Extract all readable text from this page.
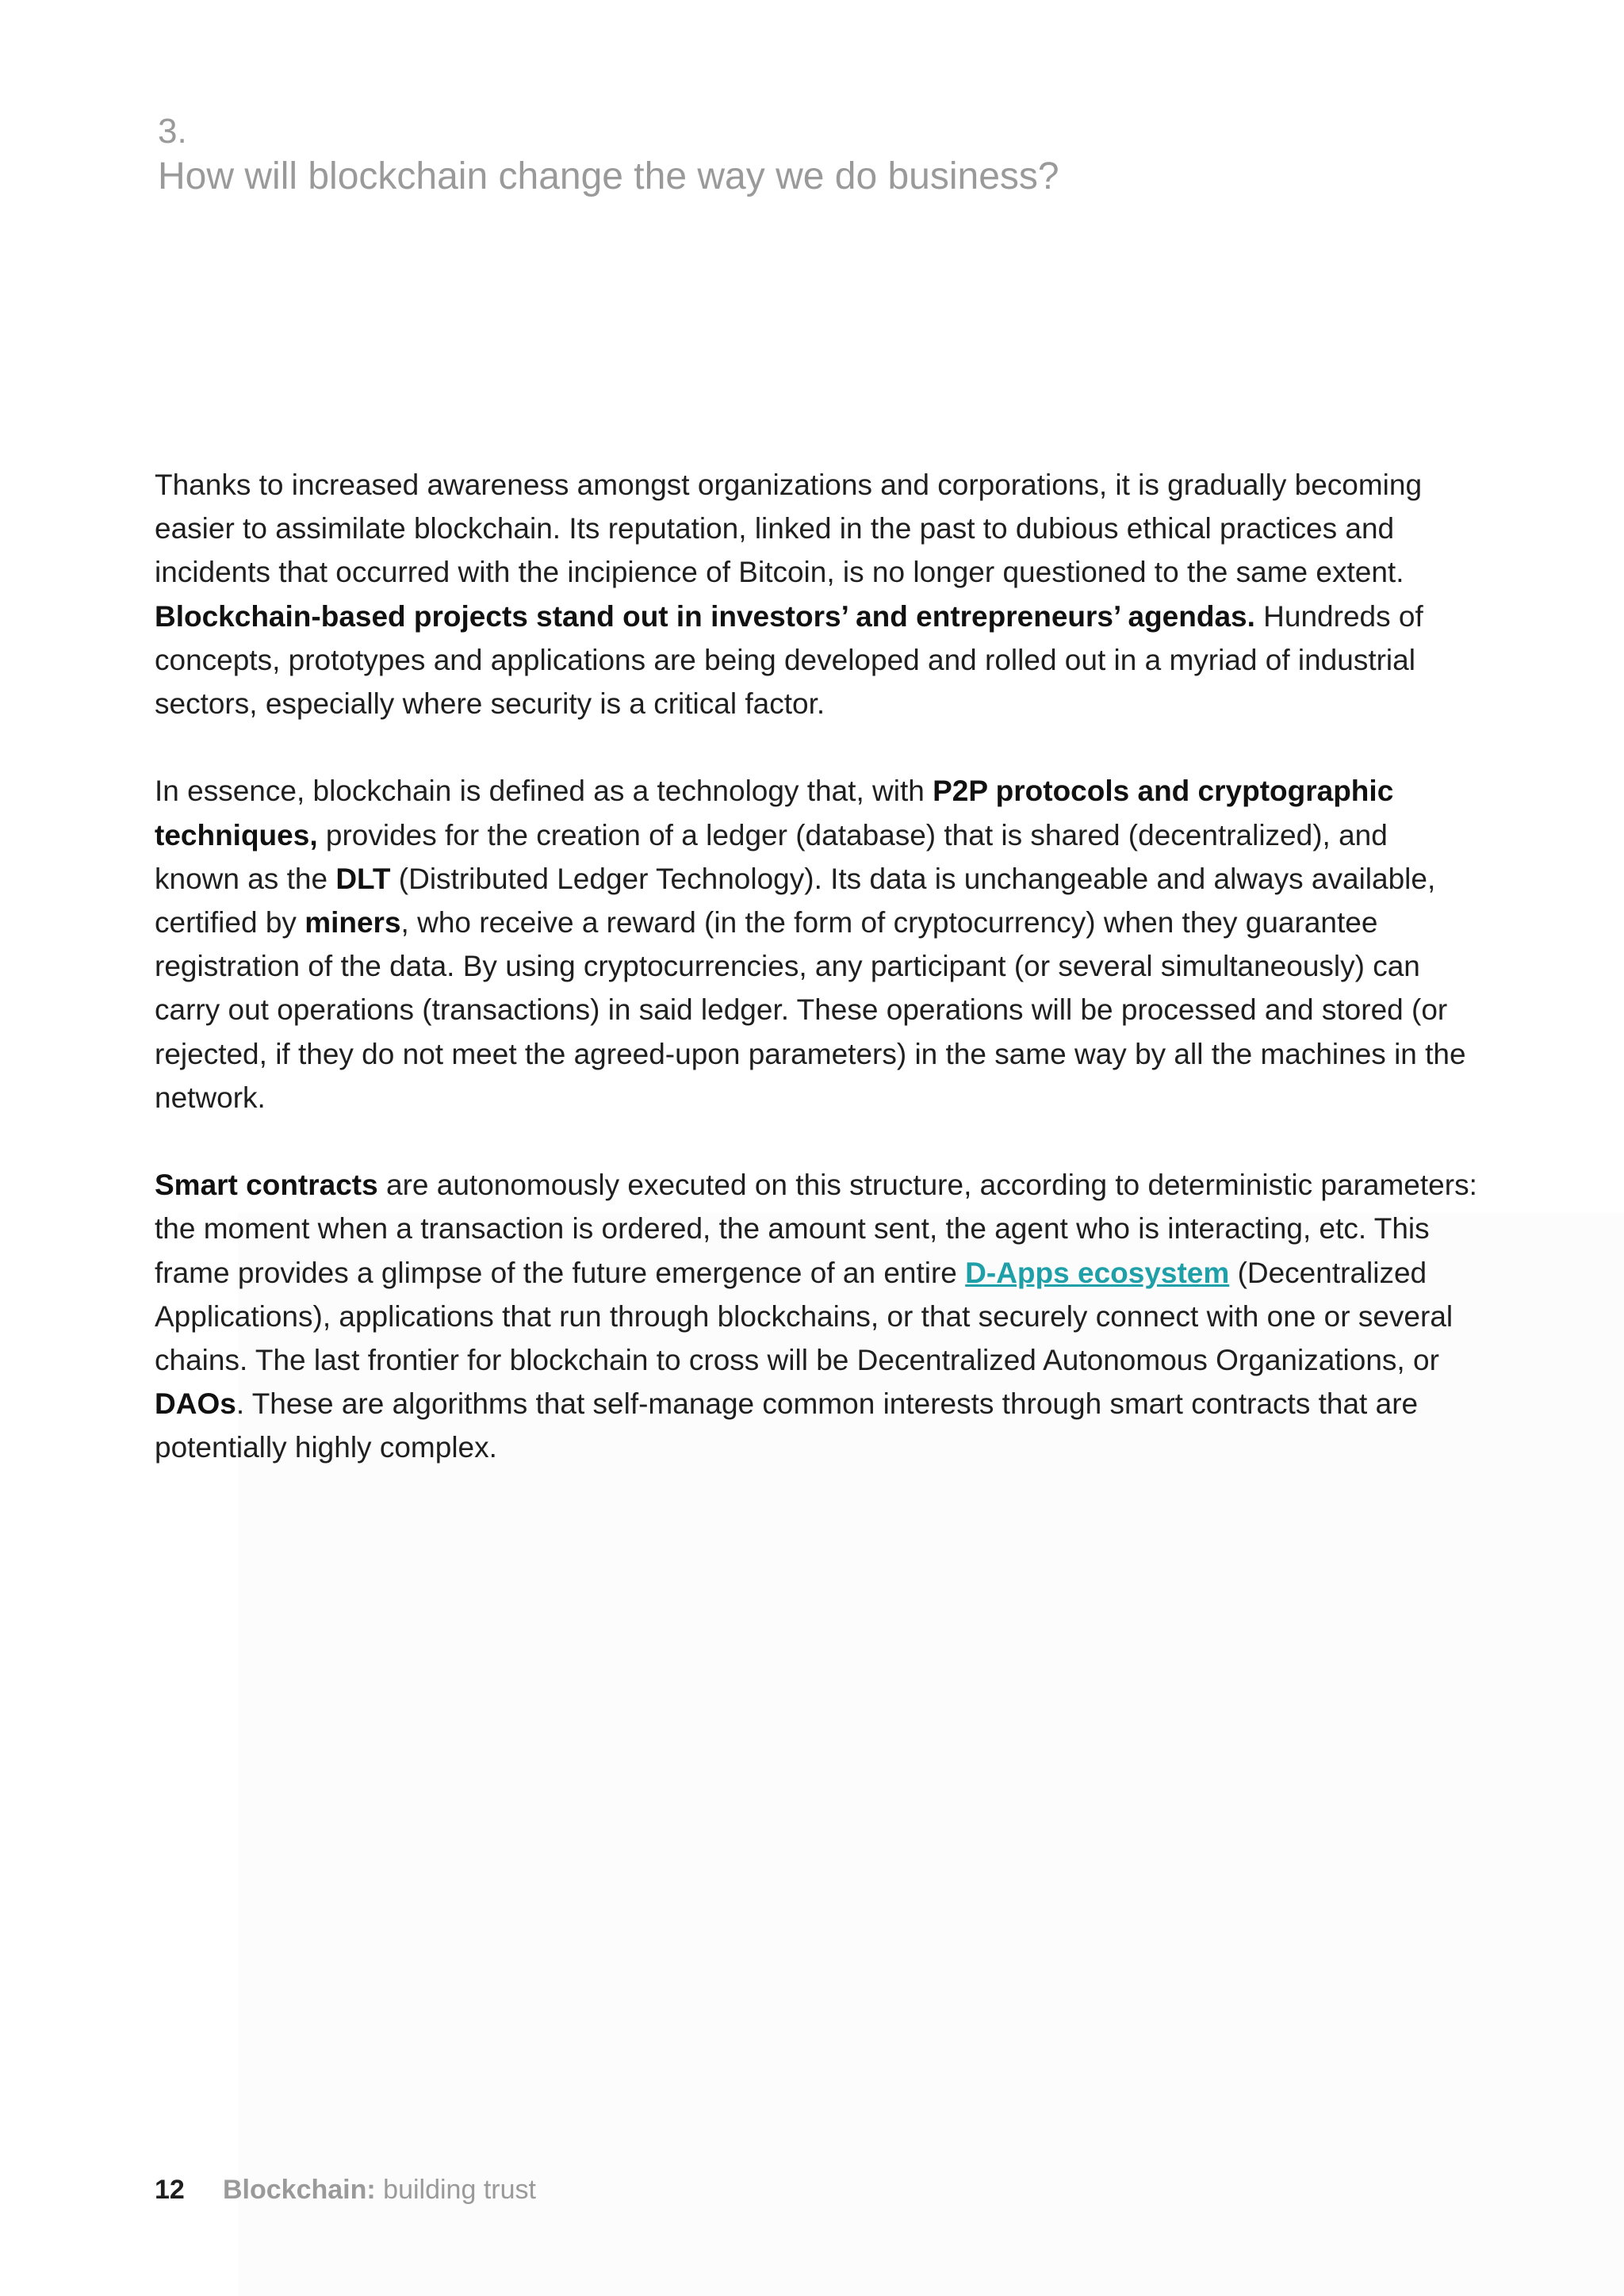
3.
How will blockchain change the way we do business?

Thanks to increased awareness amongst organizations and corporations, it is gradually becoming easier to assimilate blockchain. Its reputation, linked in the past to dubious ethical practices and incidents that occurred with the incipience of Bitcoin, is no longer questioned to the same extent. Blockchain-based projects stand out in investors’ and entrepreneurs’ agendas. Hundreds of concepts, prototypes and applications are being developed and rolled out in a myriad of industrial sectors, especially where security is a critical factor.

In essence, blockchain is defined as a technology that, with P2P protocols and cryptographic techniques, provides for the creation of a ledger (database) that is shared (decentralized), and known as the DLT (Distributed Ledger Technology). Its data is unchangeable and always available, certified by miners, who receive a reward (in the form of cryptocurrency) when they guarantee registration of the data. By using cryptocurrencies, any participant (or several simultaneously) can carry out operations (transactions) in said ledger. These operations will be processed and stored (or rejected, if they do not meet the agreed-upon parameters) in the same way by all the machines in the network.

Smart contracts are autonomously executed on this structure, according to deterministic parameters: the moment when a transaction is ordered, the amount sent, the agent who is interacting, etc. This frame provides a glimpse of the future emergence of an entire D-Apps ecosystem (Decentralized Applications), applications that run through blockchains, or that securely connect with one or several chains. The last frontier for blockchain to cross will be Decentralized Autonomous Organizations, or DAOs. These are algorithms that self-manage common interests through smart contracts that are potentially highly complex.

12 Blockchain: building trust
